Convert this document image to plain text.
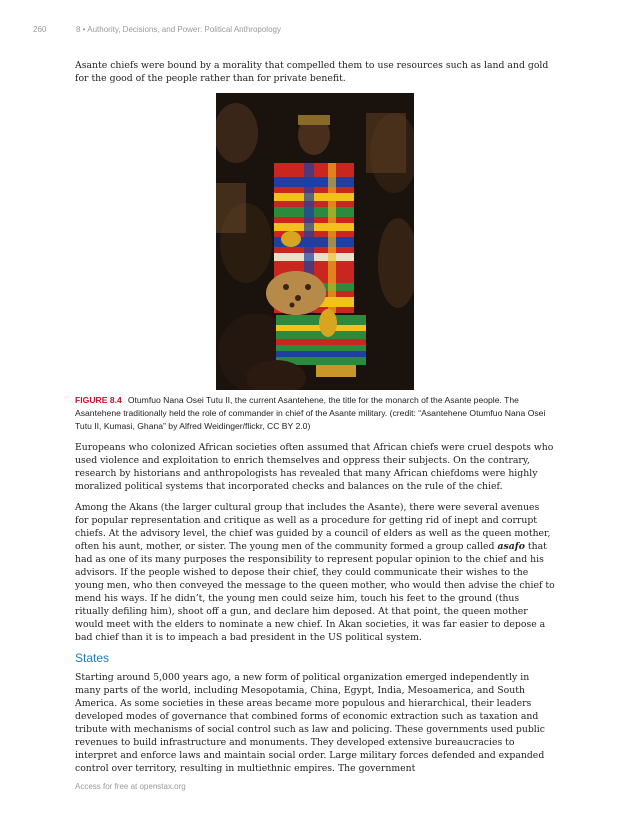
260	8 • Authority, Decisions, and Power: Political Anthropology

Asante chiefs were bound by a morality that compelled them to use resources such as land and gold for the good of the people rather than for private benefit.

FIGURE 8.4 Otumfuo Nana Osei Tutu II, the current Asantehene, the title for the monarch of the Asante people. The Asantehene traditionally held the role of commander in chief of the Asante military. (credit: “Asantehene Otumfuo Nana Osei Tutu II, Kumasi, Ghana” by Alfred Weidinger/flickr, CC BY 2.0)

Europeans who colonized African societies often assumed that African chiefs were cruel despots who used violence and exploitation to enrich themselves and oppress their subjects. On the contrary, research by historians and anthropologists has revealed that many African chiefdoms were highly moralized political systems that incorporated checks and balances on the rule of the chief.

Among the Akans (the larger cultural group that includes the Asante), there were several avenues for popular representation and critique as well as a procedure for getting rid of inept and corrupt chiefs. At the advisory level, the chief was guided by a council of elders as well as the queen mother, often his aunt, mother, or sister. The young men of the community formed a group called asafo that had as one of its many purposes the responsibility to represent popular opinion to the chief and his advisors. If the people wished to depose their chief, they could communicate their wishes to the young men, who then conveyed the message to the queen mother, who would then advise the chief to mend his ways. If he didn’t, the young men could seize him, touch his feet to the ground (thus ritually defiling him), shoot off a gun, and declare him deposed. At that point, the queen mother would meet with the elders to nominate a new chief. In Akan societies, it was far easier to depose a bad chief than it is to impeach a bad president in the US political system.

States

Starting around 5,000 years ago, a new form of political organization emerged independently in many parts of the world, including Mesopotamia, China, Egypt, India, Mesoamerica, and South America. As some societies in these areas became more populous and hierarchical, their leaders developed modes of governance that combined forms of economic extraction such as taxation and tribute with mechanisms of social control such as law and policing. These governments used public revenues to build infrastructure and monuments. They developed extensive bureaucracies to interpret and enforce laws and maintain social order. Large military forces defended and expanded control over territory, resulting in multiethnic empires. The government

Access for free at openstax.org
